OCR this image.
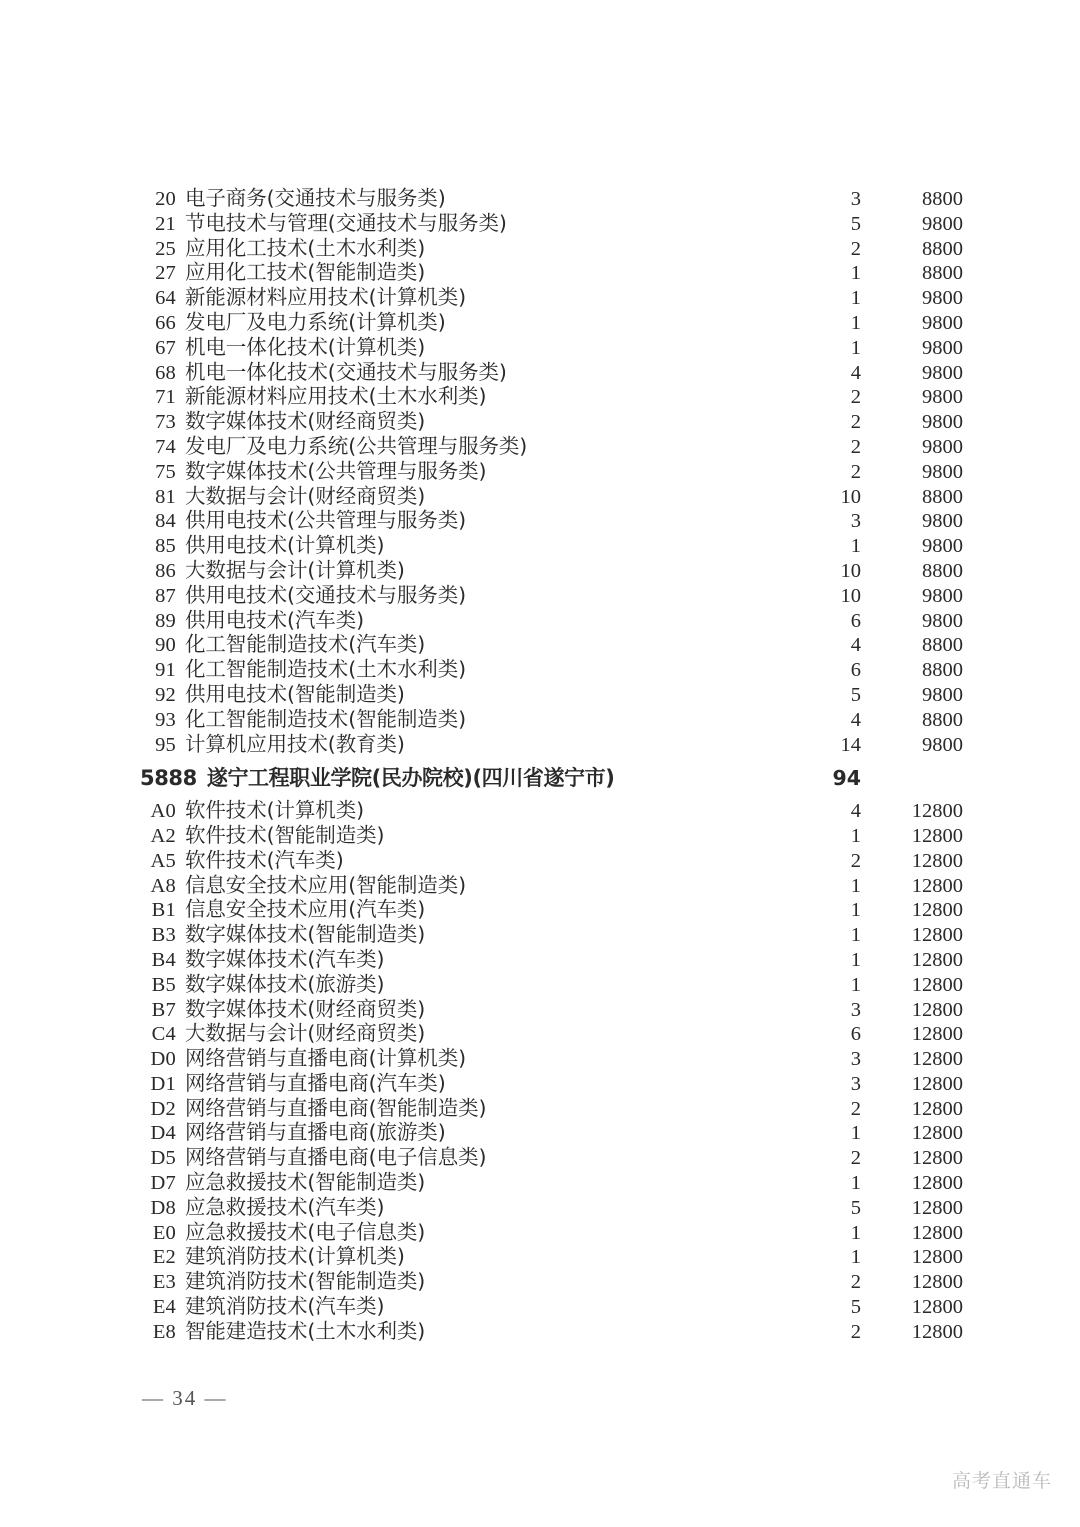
20 电子商务(交通技术与服务类)	3	8800
21 节电技术与管理(交通技术与服务类)	5	9800
25 应用化工技术(土木水利类)	2	8800
27 应用化工技术(智能制造类)	1	8800
64 新能源材料应用技术(计算机类)	1	9800
66 发电厂及电力系统(计算机类)	1	9800
67 机电一体化技术(计算机类)	1	9800
68 机电一体化技术(交通技术与服务类)	4	9800
71 新能源材料应用技术(土木水利类)	2	9800
73 数字媒体技术(财经商贸类)	2	9800
74 发电厂及电力系统(公共管理与服务类)	2	9800
75 数字媒体技术(公共管理与服务类)	2	9800
81 大数据与会计(财经商贸类)	10	8800
84 供用电技术(公共管理与服务类)	3	9800
85 供用电技术(计算机类)	1	9800
86 大数据与会计(计算机类)	10	8800
87 供用电技术(交通技术与服务类)	10	9800
89 供用电技术(汽车类)	6	9800
90 化工智能制造技术(汽车类)	4	8800
91 化工智能制造技术(土木水利类)	6	8800
92 供用电技术(智能制造类)	5	9800
93 化工智能制造技术(智能制造类)	4	8800
95 计算机应用技术(教育类)	14	9800
5888 遂宁工程职业学院(民办院校)(四川省遂宁市)	94
A0 软件技术(计算机类)	4	12800
A2 软件技术(智能制造类)	1	12800
A5 软件技术(汽车类)	2	12800
A8 信息安全技术应用(智能制造类)	1	12800
B1 信息安全技术应用(汽车类)	1	12800
B3 数字媒体技术(智能制造类)	1	12800
B4 数字媒体技术(汽车类)	1	12800
B5 数字媒体技术(旅游类)	1	12800
B7 数字媒体技术(财经商贸类)	3	12800
C4 大数据与会计(财经商贸类)	6	12800
D0 网络营销与直播电商(计算机类)	3	12800
D1 网络营销与直播电商(汽车类)	3	12800
D2 网络营销与直播电商(智能制造类)	2	12800
D4 网络营销与直播电商(旅游类)	1	12800
D5 网络营销与直播电商(电子信息类)	2	12800
D7 应急救援技术(智能制造类)	1	12800
D8 应急救援技术(汽车类)	5	12800
E0 应急救援技术(电子信息类)	1	12800
E2 建筑消防技术(计算机类)	1	12800
E3 建筑消防技术(智能制造类)	2	12800
E4 建筑消防技术(汽车类)	5	12800
E8 智能建造技术(土木水利类)	2	12800
— 34 —
高考直通车
